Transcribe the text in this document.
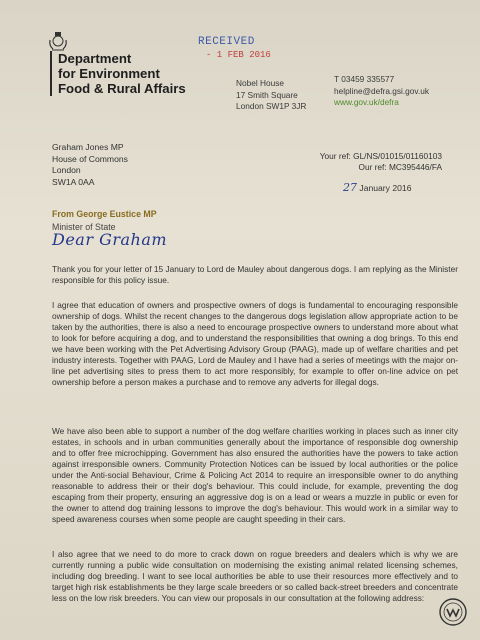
Department
for Environment
Food & Rural Affairs
RECEIVED
- 1 FEB 2016
Nobel House
17 Smith Square
London SW1P 3JR
T 03459 335577
helpline@defra.gsi.gov.uk
www.gov.uk/defra
Graham Jones MP
House of Commons
London
SW1A 0AA
Your ref: GL/NS/01015/01160103
Our ref: MC395446/FA
27 January 2016
From George Eustice MP
Minister of State
Dear Graham

Thank you for your letter of 15 January to Lord de Mauley about dangerous dogs. I am replying as the Minister responsible for this policy issue.

I agree that education of owners and prospective owners of dogs is fundamental to encouraging responsible ownership of dogs. Whilst the recent changes to the dangerous dogs legislation allow appropriate action to be taken by the authorities, there is also a need to encourage prospective owners to understand more about what to look for before acquiring a dog, and to understand the responsibilities that owning a dog brings. To this end we have been working with the Pet Advertising Advisory Group (PAAG), made up of welfare charities and pet industry interests. Together with PAAG, Lord de Mauley and I have had a series of meetings with the major on-line pet advertising sites to press them to act more responsibly, for example to offer on-line advice on pet ownership before a person makes a purchase and to remove any adverts for illegal dogs.

We have also been able to support a number of the dog welfare charities working in places such as inner city estates, in schools and in urban communities generally about the importance of responsible dog ownership and to offer free microchipping. Government has also ensured the authorities have the powers to take action against irresponsible owners. Community Protection Notices can be issued by local authorities or the police under the Anti-social Behaviour, Crime & Policing Act 2014 to require an irresponsible owner to do anything reasonable to address their or their dog's behaviour. This could include, for example, preventing the dog escaping from their property, ensuring an aggressive dog is on a lead or wears a muzzle in public or even for the owner to attend dog training lessons to improve the dog's behaviour. This would work in a similar way to speed awareness courses when some people are caught speeding in their cars.

I also agree that we need to do more to crack down on rogue breeders and dealers which is why we are currently running a public wide consultation on modernising the existing animal related licensing schemes, including dog breeding. I want to see local authorities be able to use their resources more effectively and to target high risk establishments be they large scale breeders or so called back-street breeders and concentrate less on the low risk breeders. You can view our proposals in our consultation at the following address:
